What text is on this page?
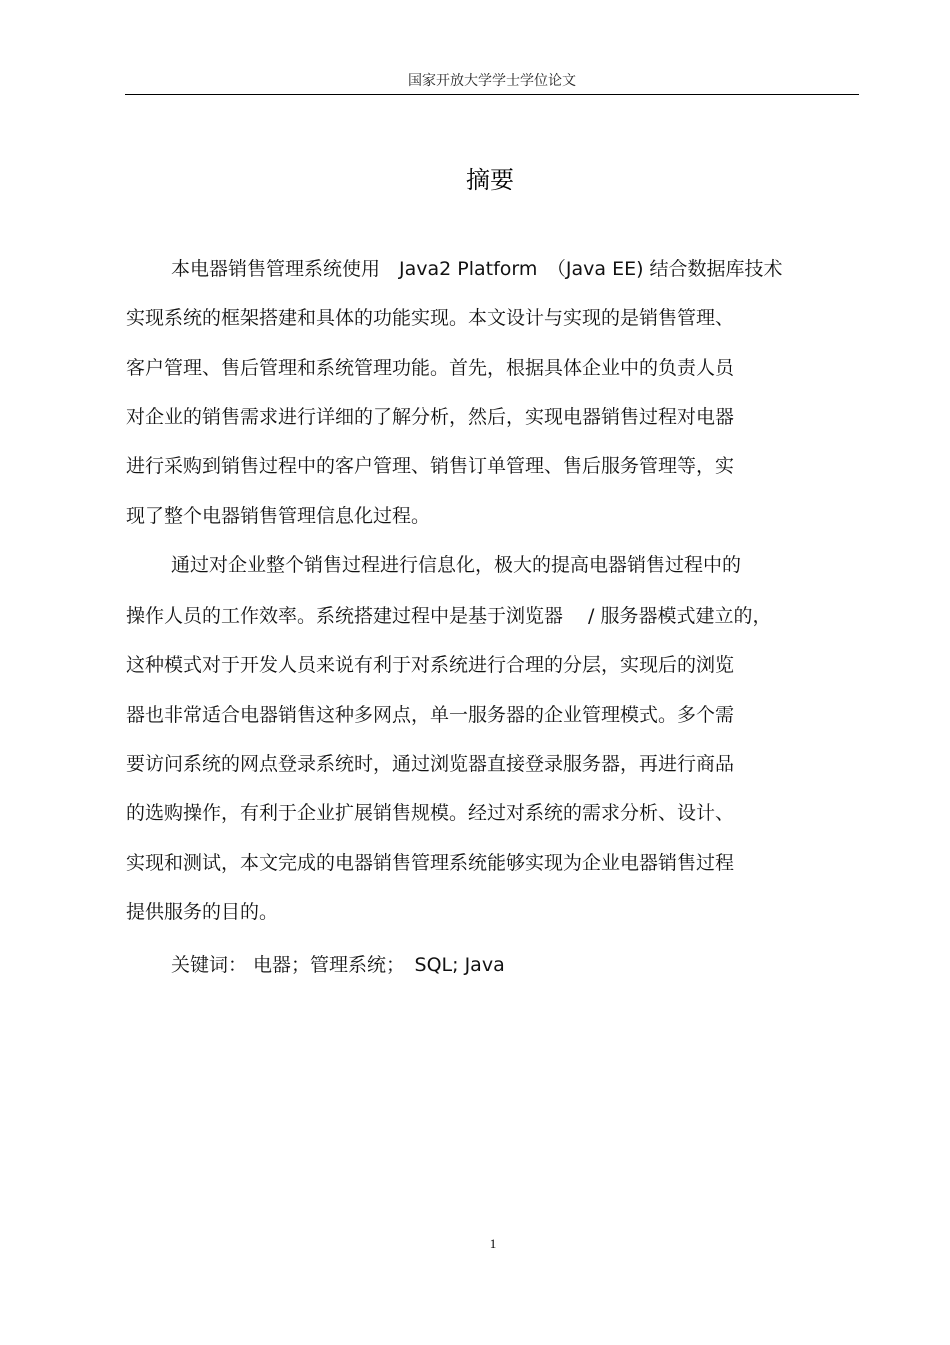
国家开放大学学士学位论文
摘要
本电器销售管理系统使用　Java2 Platform　（Java EE) 结合数据库技术
实现系统的框架搭建和具体的功能实现。本文设计与实现的是销售管理、
客户管理、售后管理和系统管理功能。首先，根据具体企业中的负责人员
对企业的销售需求进行详细的了解分析，然后，实现电器销售过程对电器
进行采购到销售过程中的客户管理、销售订单管理、售后服务管理等，实
现了整个电器销售管理信息化过程。
通过对企业整个销售过程进行信息化，极大的提高电器销售过程中的
操作人员的工作效率。系统搭建过程中是基于浏览器　 / 服务器模式建立的，
这种模式对于开发人员来说有利于对系统进行合理的分层，实现后的浏览
器也非常适合电器销售这种多网点，单一服务器的企业管理模式。多个需
要访问系统的网点登录系统时，通过浏览器直接登录服务器，再进行商品
的选购操作，有利于企业扩展销售规模。经过对系统的需求分析、设计、
实现和测试，本文完成的电器销售管理系统能够实现为企业电器销售过程
提供服务的目的。
关键词： 电器；管理系统；　SQL; Java
1
